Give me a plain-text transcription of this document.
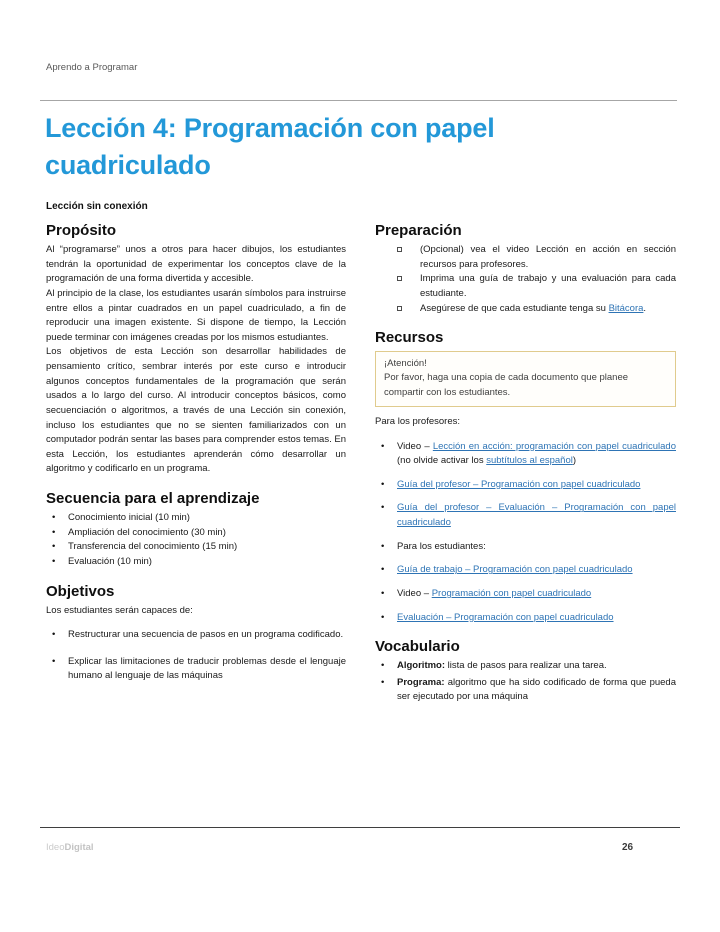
Aprendo a Programar
Lección 4: Programación con papel cuadriculado
Lección sin conexión
Propósito

Al “programarse” unos a otros para hacer dibujos, los estudiantes tendrán la oportunidad de experimentar los conceptos clave de la programación de una forma divertida y accesible.

Al principio de la clase, los estudiantes usarán símbolos para instruirse entre ellos a pintar cuadrados en un papel cuadriculado, a fin de reproducir una imagen existente. Si dispone de tiempo, la Lección puede terminar con imágenes creadas por los mismos estudiantes.

Los objetivos de esta Lección son desarrollar habilidades de pensamiento crítico, sembrar interés por este curso e introducir algunos conceptos fundamentales de la programación que serán usados a lo largo del curso. Al introducir conceptos básicos, como secuenciación o algoritmos, a través de una Lección sin conexión, incluso los estudiantes que no se sienten familiarizados con un computador podrán sentar las bases para comprender estos temas. En esta Lección, los estudiantes aprenderán cómo desarrollar un algoritmo y codificarlo en un programa.

Secuencia para el aprendizaje
• Conocimiento inicial (10 min)
• Ampliación del conocimiento (30 min)
• Transferencia del conocimiento (15 min)
• Evaluación (10 min)
Objetivos

Los estudiantes serán capaces de:

• Restructurar una secuencia de pasos en un programa codificado.
• Explicar las limitaciones de traducir problemas desde el lenguaje humano al lenguaje de las máquinas
Preparación
(Opcional) vea el video Lección en acción en sección recursos para profesores.
Imprima una guía de trabajo y una evaluación para cada estudiante.
Asegúrese de que cada estudiante tenga su Bitácora.
Recursos
¡Atención!
Por favor, haga una copia de cada documento que planee compartir con los estudiantes.

Para los profesores:

• Video – Lección en acción: programación con papel cuadriculado (no olvide activar los subtítulos al español)
• Guía del profesor – Programación con papel cuadriculado
• Guía del profesor – Evaluación – Programación con papel cuadriculado
• Para los estudiantes:
• Guía de trabajo – Programación con papel cuadriculado
• Video – Programación con papel cuadriculado
• Evaluación – Programación con papel cuadriculado
Vocabulario
• Algoritmo: lista de pasos para realizar una tarea.
• Programa: algoritmo que ha sido codificado de forma que pueda ser ejecutado por una máquina
IdeoDigital	26
